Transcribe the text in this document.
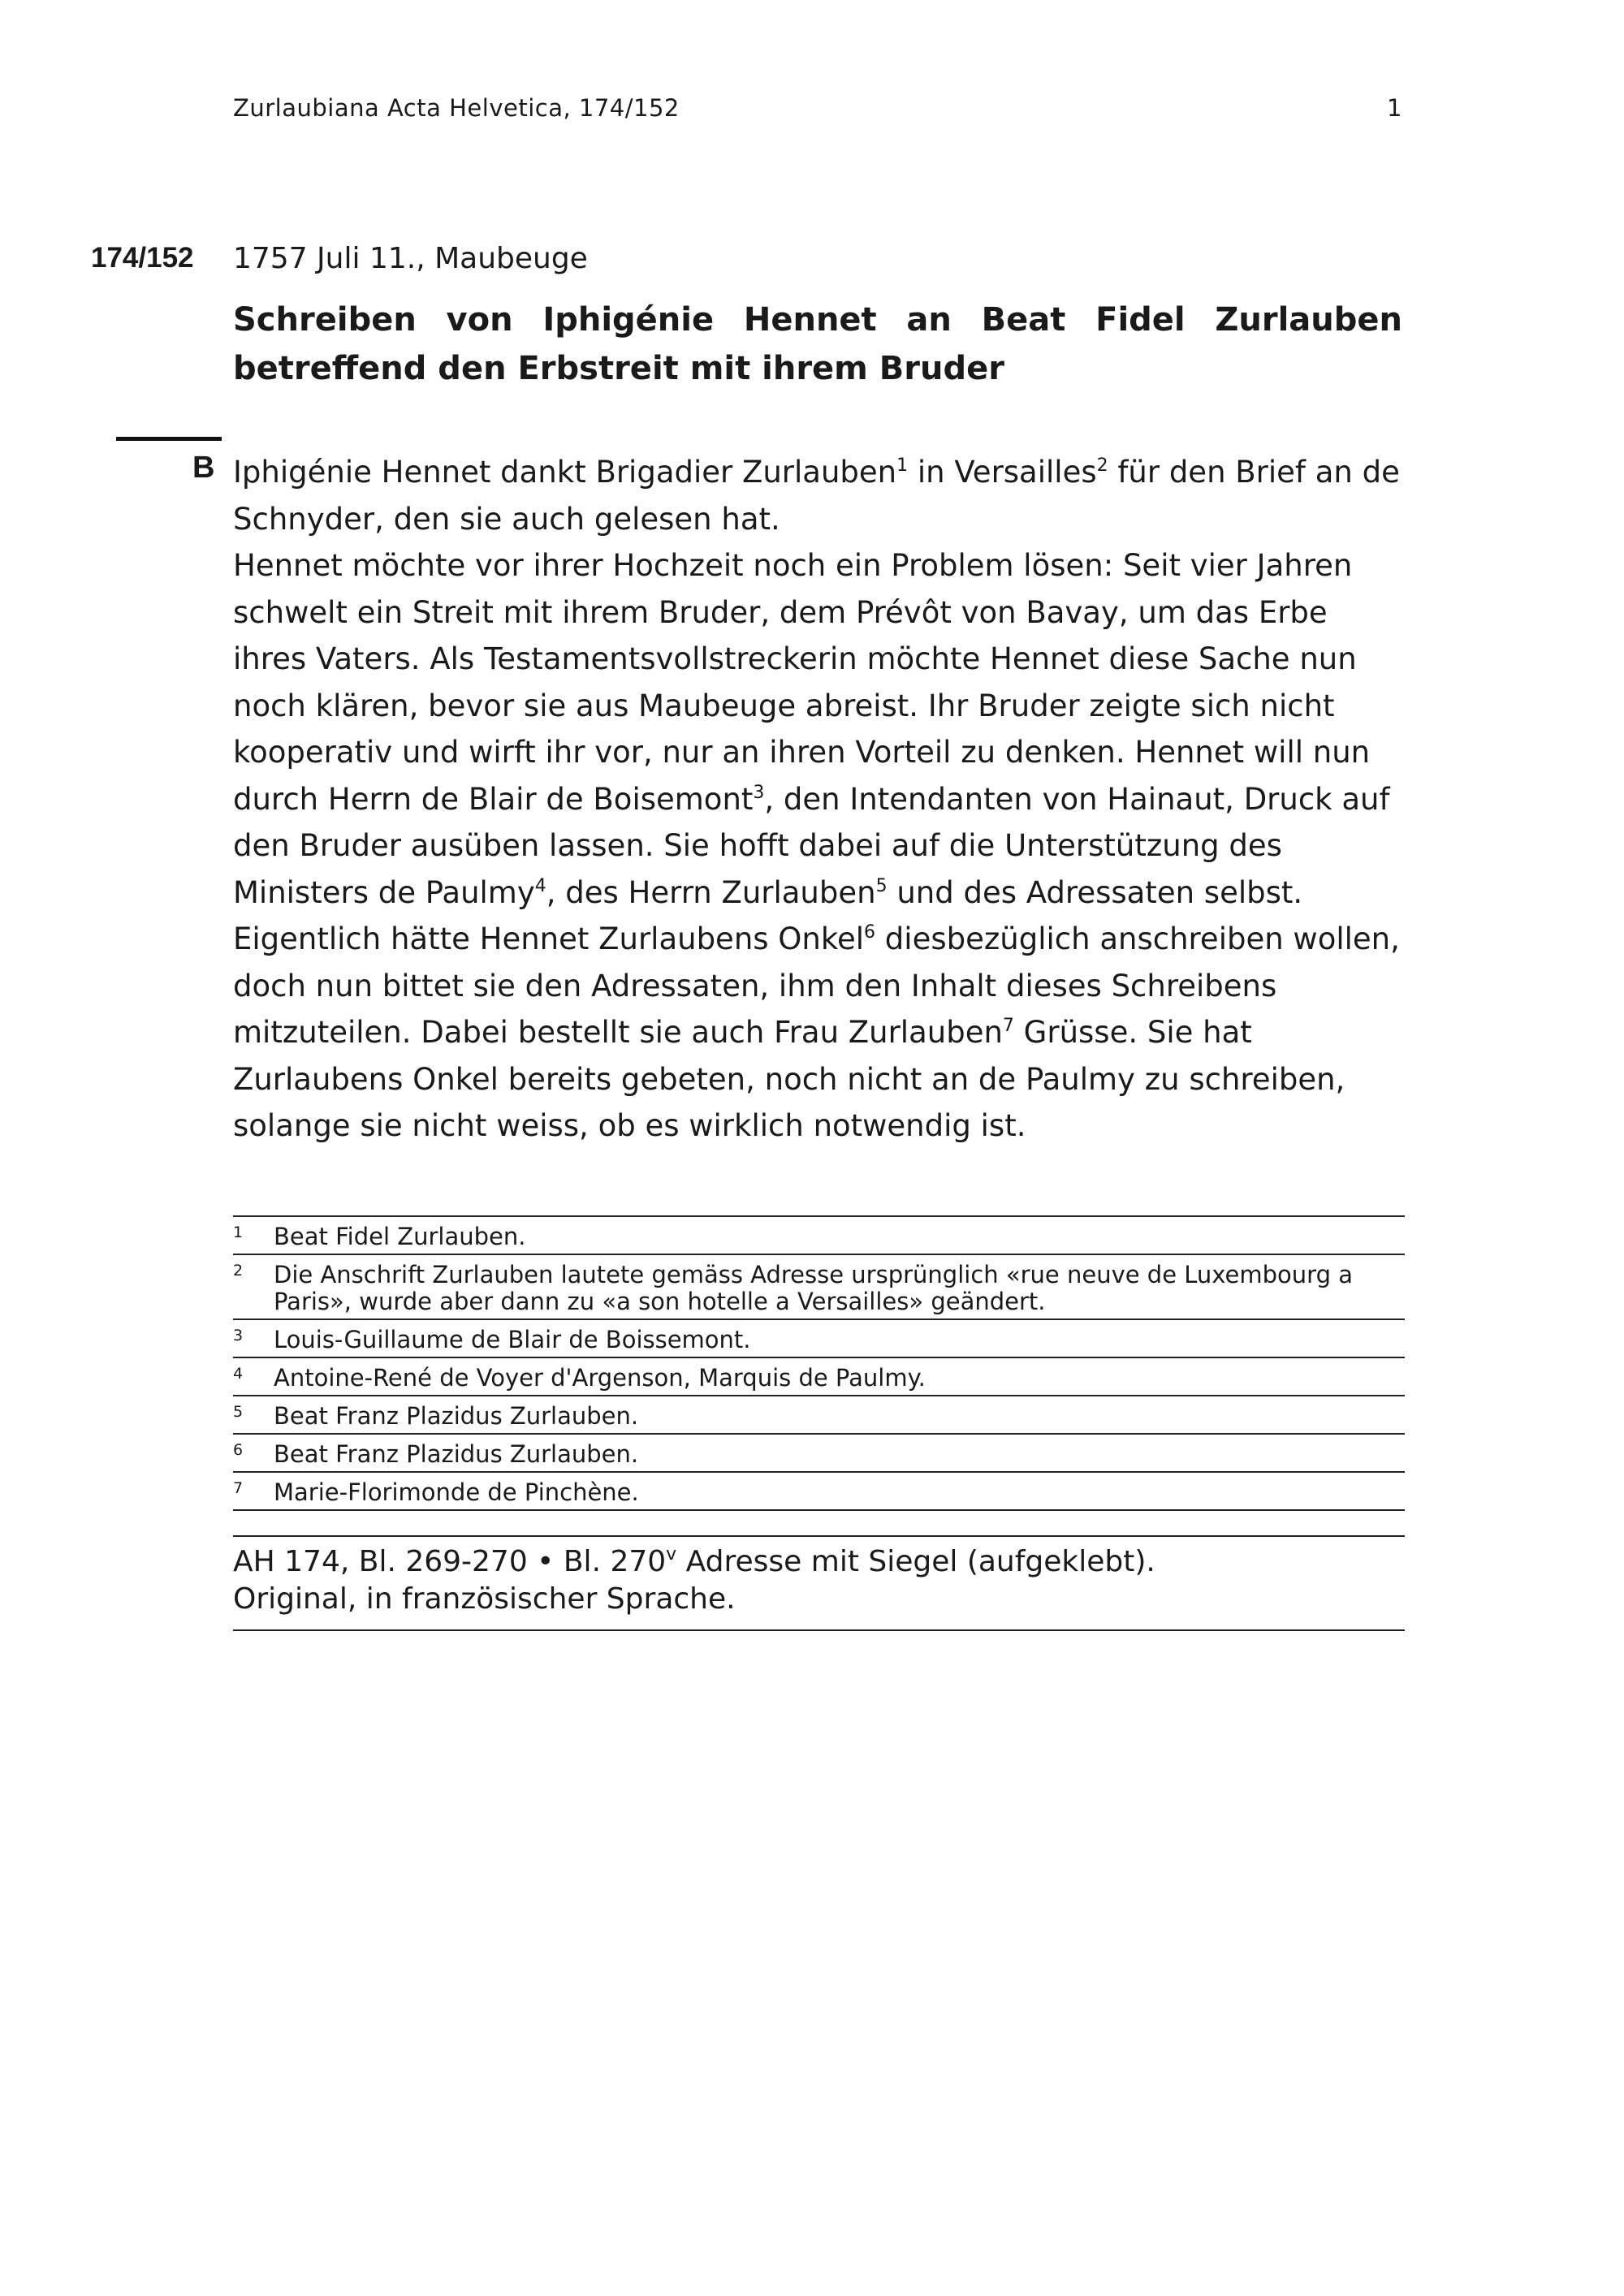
Zurlaubiana Acta Helvetica, 174/152	1
174/152	1757 Juli 11., Maubeuge
Schreiben von Iphigénie Hennet an Beat Fidel Zurlauben betreffend den Erbstreit mit ihrem Bruder
B Iphigénie Hennet dankt Brigadier Zurlauben$^1$ in Versailles$^2$ für den Brief an de Schnyder, den sie auch gelesen hat.

Hennet möchte vor ihrer Hochzeit noch ein Problem lösen: Seit vier Jahren schwelt ein Streit mit ihrem Bruder, dem Prévôt von Bavay, um das Erbe ihres Vaters. Als Testamentsvollstreckerin möchte Hennet diese Sache nun noch klären, bevor sie aus Maubeuge abreist. Ihr Bruder zeigte sich nicht kooperativ und wirft ihr vor, nur an ihren Vorteil zu denken. Hennet will nun durch Herrn de Blair de Boisemont$^3$, den Intendanten von Hainaut, Druck auf den Bruder ausüben lassen. Sie hofft dabei auf die Unterstützung des Ministers de Paulmy$^4$, des Herrn Zurlauben$^5$ und des Adressaten selbst.

Eigentlich hätte Hennet Zurlaubens Onkel$^6$ diesbezüglich anschreiben wollen, doch nun bittet sie den Adressaten, ihm den Inhalt dieses Schreibens mitzuteilen. Dabei bestellt sie auch Frau Zurlauben$^7$ Grüsse. Sie hat Zurlaubens Onkel bereits gebeten, noch nicht an de Paulmy zu schreiben, solange sie nicht weiss, ob es wirklich notwendig ist.

1	Beat Fidel Zurlauben.
2	Die Anschrift Zurlauben lautete gemäss Adresse ursprünglich «rue neuve de Luxembourg a Paris», wurde aber dann zu «a son hotelle a Versailles» geändert.
3	Louis-Guillaume de Blair de Boissemont.
4	Antoine-René de Voyer d'Argenson, Marquis de Paulmy.
5	Beat Franz Plazidus Zurlauben.
6	Beat Franz Plazidus Zurlauben.
7	Marie-Florimonde de Pinchène.
AH 174, Bl. 269-270 • Bl. 270$^v$ Adresse mit Siegel (aufgeklebt).
Original, in französischer Sprache.
